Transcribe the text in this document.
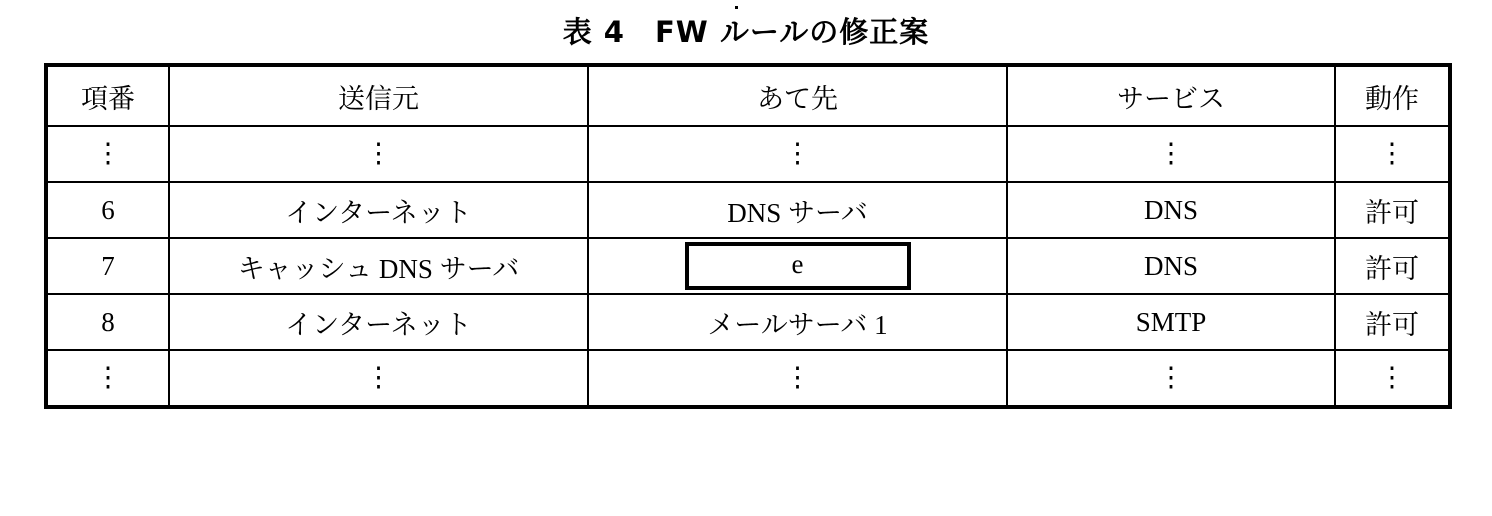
表 4　FW ルールの修正案
項番	送信元	あて先	サービス	動作
⋮	⋮	⋮	⋮	⋮
6	インターネット	DNS サーバ	DNS	許可
7	キャッシュ DNS サーバ	e	DNS	許可
8	インターネット	メールサーバ 1	SMTP	許可
⋮	⋮	⋮	⋮	⋮
